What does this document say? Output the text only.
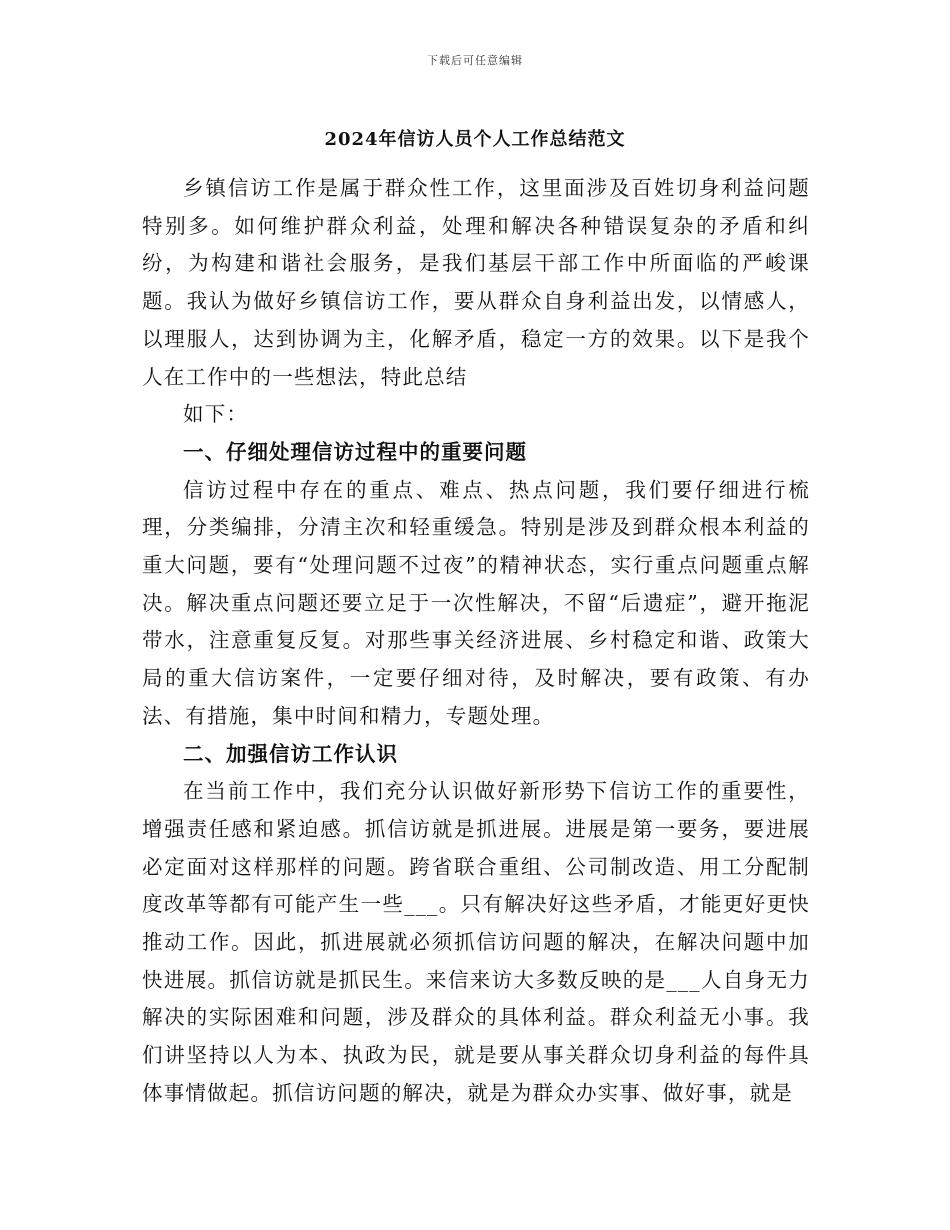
下载后可任意编辑
2024年信访人员个人工作总结范文

乡镇信访工作是属于群众性工作，这里面涉及百姓切身利益问题特别多。如何维护群众利益，处理和解决各种错误复杂的矛盾和纠纷，为构建和谐社会服务，是我们基层干部工作中所面临的严峻课题。我认为做好乡镇信访工作，要从群众自身利益出发，以情感人，以理服人，达到协调为主，化解矛盾，稳定一方的效果。以下是我个人在工作中的一些想法，特此总结

如下：

一、仔细处理信访过程中的重要问题

信访过程中存在的重点、难点、热点问题，我们要仔细进行梳理，分类编排，分清主次和轻重缓急。特别是涉及到群众根本利益的重大问题，要有“处理问题不过夜”的精神状态，实行重点问题重点解决。解决重点问题还要立足于一次性解决，不留“后遗症”，避开拖泥带水，注意重复反复。对那些事关经济进展、乡村稳定和谐、政策大局的重大信访案件，一定要仔细对待，及时解决，要有政策、有办法、有措施，集中时间和精力，专题处理。

二、加强信访工作认识

在当前工作中，我们充分认识做好新形势下信访工作的重要性，增强责任感和紧迫感。抓信访就是抓进展。进展是第一要务，要进展必定面对这样那样的问题。跨省联合重组、公司制改造、用工分配制度改革等都有可能产生一些___。只有解决好这些矛盾，才能更好更快推动工作。因此，抓进展就必须抓信访问题的解决，在解决问题中加快进展。抓信访就是抓民生。来信来访大多数反映的是___人自身无力解决的实际困难和问题，涉及群众的具体利益。群众利益无小事。我们讲坚持以人为本、执政为民，就是要从事关群众切身利益的每件具体事情做起。抓信访问题的解决，就是为群众办实事、做好事，就是
